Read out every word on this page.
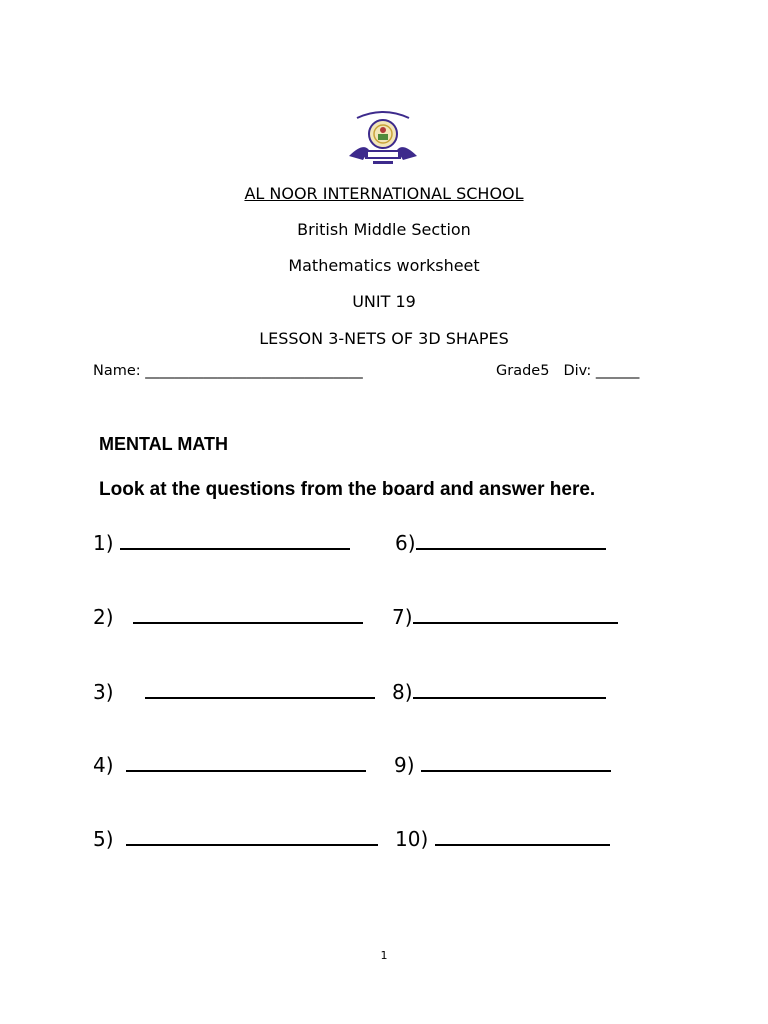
AL NOOR INTERNATIONAL SCHOOL
British Middle Section
Mathematics worksheet
UNIT 19
LESSON 3-NETS OF 3D SHAPES
Name: ______________________________	Grade5 Div: ______
MENTAL MATH
Look at the questions from the board and answer here.
1)	6)
2)	7)
3)	8)
4)	9)
5)	10)
1
